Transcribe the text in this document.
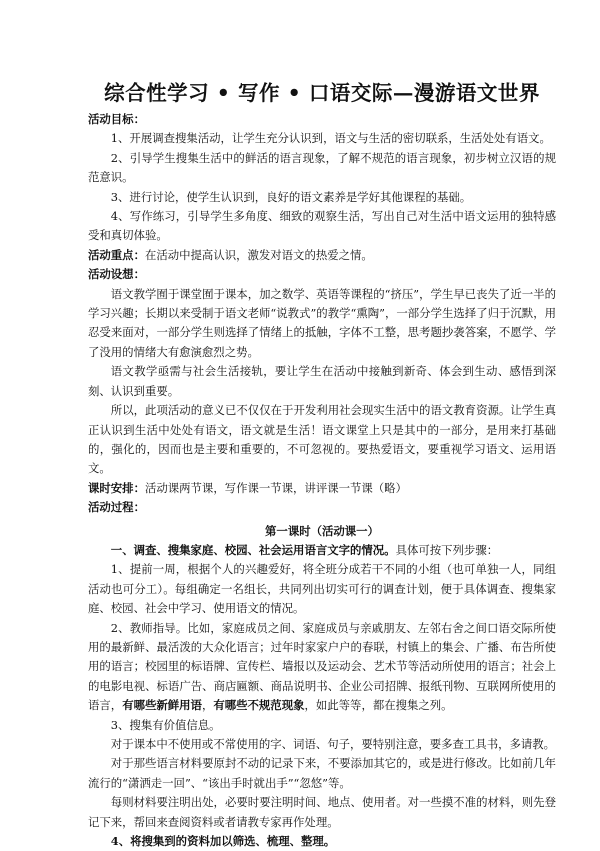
综合性学习 • 写作 • 口语交际—漫游语文世界

活动目标：

1、开展调查搜集活动，让学生充分认识到，语文与生活的密切联系，生活处处有语文。

2、引导学生搜集生活中的鲜活的语言现象，了解不规范的语言现象，初步树立汉语的规范意识。

3、进行讨论，使学生认识到，良好的语文素养是学好其他课程的基础。

4、写作练习，引导学生多角度、细致的观察生活，写出自己对生活中语文运用的独特感受和真切体验。

活动重点：在活动中提高认识，激发对语文的热爱之情。

活动设想：

语文教学囿于课堂囿于课本，加之数学、英语等课程的“挤压”，学生早已丧失了近一半的学习兴趣；长期以来受制于语文老师“说教式”的教学“熏陶”，一部分学生选择了归于沉默，用忍受来面对，一部分学生则选择了情绪上的抵触，字体不工整，思考题抄袭答案，不愿学、学了没用的情绪大有愈演愈烈之势。

语文教学亟需与社会生活接轨，要让学生在活动中接触到新奇、体会到生动、感悟到深刻、认识到重要。

所以，此项活动的意义已不仅仅在于开发利用社会现实生活中的语文教育资源。让学生真正认识到生活中处处有语文，语文就是生活！语文课堂上只是其中的一部分，是用来打基础的，强化的，因而也是主要和重要的，不可忽视的。要热爱语文，要重视学习语文、运用语文。

课时安排：活动课两节课，写作课一节课，讲评课一节课（略）

活动过程：

第一课时（活动课一）

一、调查、搜集家庭、校园、社会运用语言文字的情况。具体可按下列步骤：

1、提前一周，根据个人的兴趣爱好，将全班分成若干不同的小组（也可单独一人，同组活动也可分工）。每组确定一名组长，共同列出切实可行的调查计划，便于具体调查、搜集家庭、校园、社会中学习、使用语文的情况。

2、教师指导。比如，家庭成员之间、家庭成员与亲戚朋友、左邻右舍之间口语交际所使用的最新鲜、最活泼的大众化语言；过年时家家户户的春联，村镇上的集会、广播、布告所使用的语言；校园里的标语牌、宣传栏、墙报以及运动会、艺术节等活动所使用的语言；社会上的电影电视、标语广告、商店匾额、商品说明书、企业公司招牌、报纸刊物、互联网所使用的语言，有哪些新鲜用语，有哪些不规范现象，如此等等，都在搜集之列。

3、搜集有价值信息。

对于课本中不使用或不常使用的字、词语、句子，要特别注意，要多查工具书，多请教。

对于那些语言材料要原封不动的记录下来，不要添加其它的，或是进行修改。比如前几年流行的“潇洒走一回”、“该出手时就出手”“忽悠”等。

每则材料要注明出处，必要时要注明时间、地点、使用者。对一些摸不准的材料，则先登记下来，帮回来查阅资料或者请教专家再作处理。

4、将搜集到的资料加以筛选、梳理、整理。
